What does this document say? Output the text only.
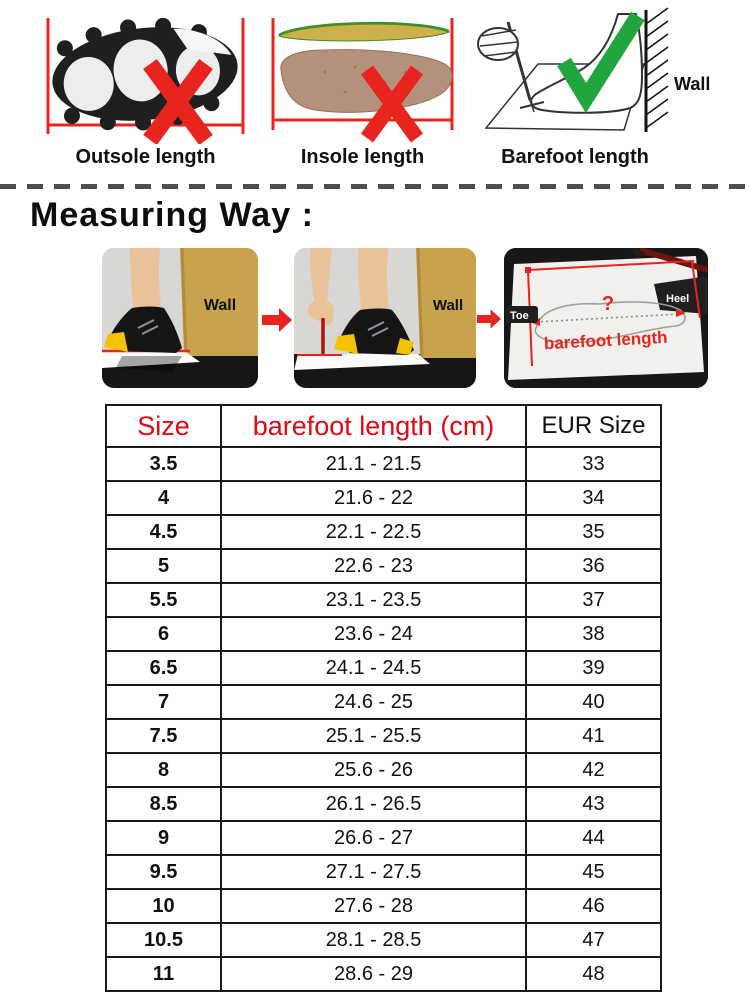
Outsole length	Insole length
Wall
Barefoot length
Measuring Way :
Wall	Wall
Toe
Heel
?
barefoot length
Size	barefoot length (cm)	EUR Size
3.5	21.1 - 21.5	33
4	21.6 - 22	34
4.5	22.1 - 22.5	35
5	22.6 - 23	36
5.5	23.1 - 23.5	37
6	23.6 - 24	38
6.5	24.1 - 24.5	39
7	24.6 - 25	40
7.5	25.1 - 25.5	41
8	25.6 - 26	42
8.5	26.1 - 26.5	43
9	26.6 - 27	44
9.5	27.1 - 27.5	45
10	27.6 - 28	46
10.5	28.1 - 28.5	47
11	28.6 - 29	48
